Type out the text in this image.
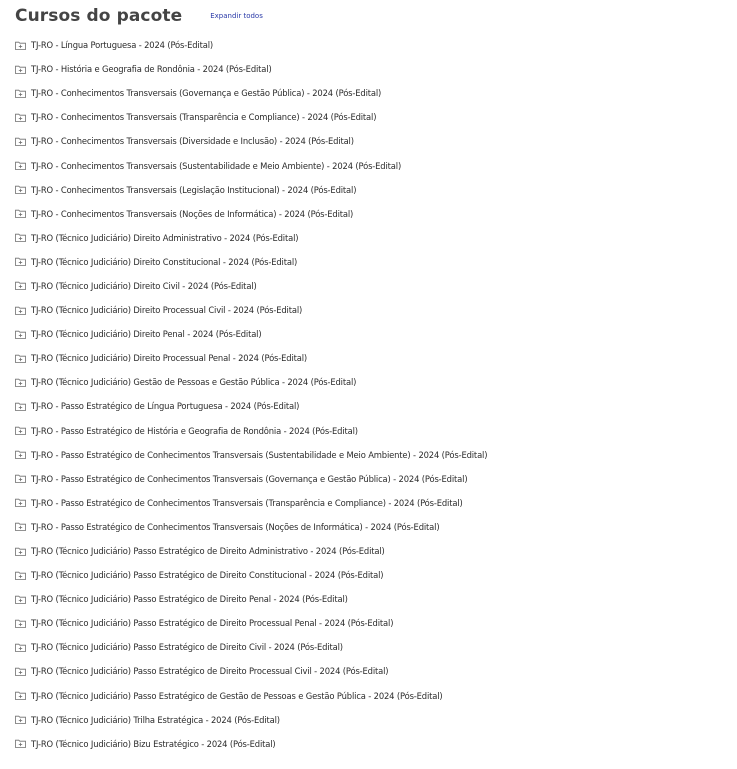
Cursos do pacote	Expandir todos
TJ-RO - Língua Portuguesa - 2024 (Pós-Edital)
TJ-RO - História e Geografia de Rondônia - 2024 (Pós-Edital)
TJ-RO - Conhecimentos Transversais (Governança e Gestão Pública) - 2024 (Pós-Edital)
TJ-RO - Conhecimentos Transversais (Transparência e Compliance) - 2024 (Pós-Edital)
TJ-RO - Conhecimentos Transversais (Diversidade e Inclusão) - 2024 (Pós-Edital)
TJ-RO - Conhecimentos Transversais (Sustentabilidade e Meio Ambiente) - 2024 (Pós-Edital)
TJ-RO - Conhecimentos Transversais (Legislação Institucional) - 2024 (Pós-Edital)
TJ-RO - Conhecimentos Transversais (Noções de Informática) - 2024 (Pós-Edital)
TJ-RO (Técnico Judiciário) Direito Administrativo - 2024 (Pós-Edital)
TJ-RO (Técnico Judiciário) Direito Constitucional - 2024 (Pós-Edital)
TJ-RO (Técnico Judiciário) Direito Civil - 2024 (Pós-Edital)
TJ-RO (Técnico Judiciário) Direito Processual Civil - 2024 (Pós-Edital)
TJ-RO (Técnico Judiciário) Direito Penal - 2024 (Pós-Edital)
TJ-RO (Técnico Judiciário) Direito Processual Penal - 2024 (Pós-Edital)
TJ-RO (Técnico Judiciário) Gestão de Pessoas e Gestão Pública - 2024 (Pós-Edital)
TJ-RO - Passo Estratégico de Língua Portuguesa - 2024 (Pós-Edital)
TJ-RO - Passo Estratégico de História e Geografia de Rondônia - 2024 (Pós-Edital)
TJ-RO - Passo Estratégico de Conhecimentos Transversais (Sustentabilidade e Meio Ambiente) - 2024 (Pós-Edital)
TJ-RO - Passo Estratégico de Conhecimentos Transversais (Governança e Gestão Pública) - 2024 (Pós-Edital)
TJ-RO - Passo Estratégico de Conhecimentos Transversais (Transparência e Compliance) - 2024 (Pós-Edital)
TJ-RO - Passo Estratégico de Conhecimentos Transversais (Noções de Informática) - 2024 (Pós-Edital)
TJ-RO (Técnico Judiciário) Passo Estratégico de Direito Administrativo - 2024 (Pós-Edital)
TJ-RO (Técnico Judiciário) Passo Estratégico de Direito Constitucional - 2024 (Pós-Edital)
TJ-RO (Técnico Judiciário) Passo Estratégico de Direito Penal - 2024 (Pós-Edital)
TJ-RO (Técnico Judiciário) Passo Estratégico de Direito Processual Penal - 2024 (Pós-Edital)
TJ-RO (Técnico Judiciário) Passo Estratégico de Direito Civil - 2024 (Pós-Edital)
TJ-RO (Técnico Judiciário) Passo Estratégico de Direito Processual Civil - 2024 (Pós-Edital)
TJ-RO (Técnico Judiciário) Passo Estratégico de Gestão de Pessoas e Gestão Pública - 2024 (Pós-Edital)
TJ-RO (Técnico Judiciário) Trilha Estratégica - 2024 (Pós-Edital)
TJ-RO (Técnico Judiciário) Bizu Estratégico - 2024 (Pós-Edital)
